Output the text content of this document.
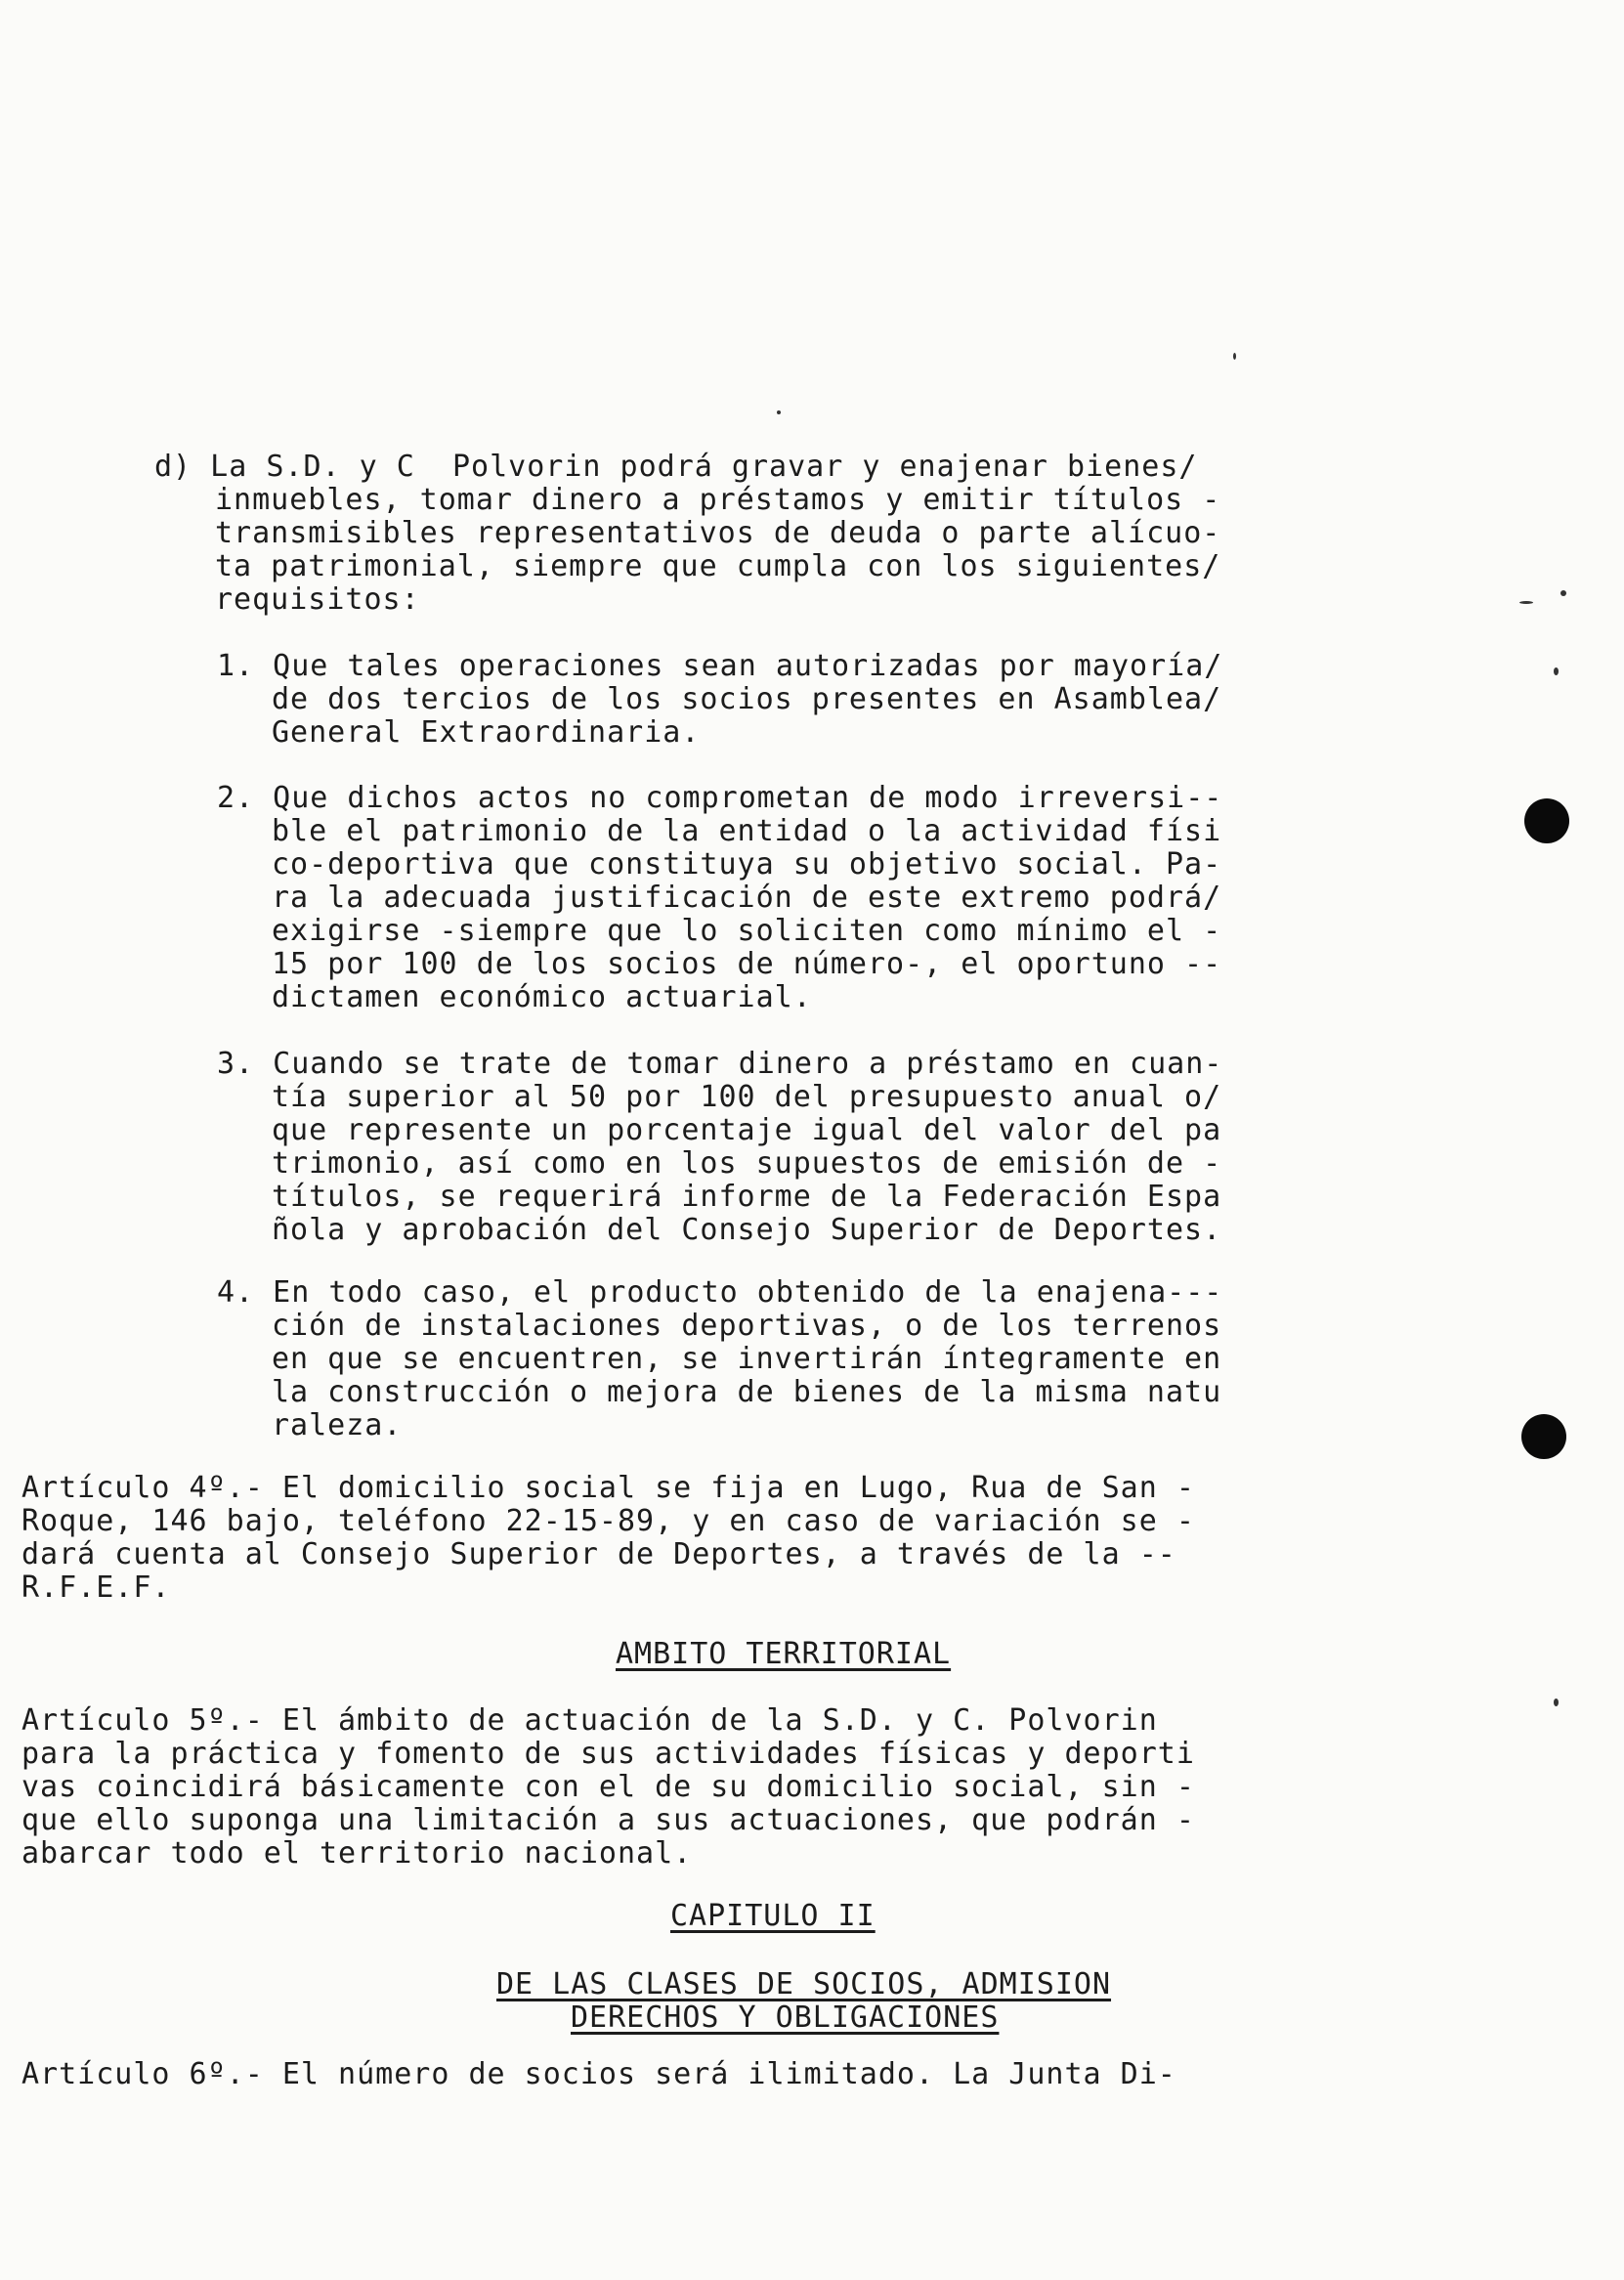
d) La S.D. y C  Polvorin podrá gravar y enajenar bienes/
inmuebles, tomar dinero a préstamos y emitir títulos -
transmisibles representativos de deuda o parte alícuo-
ta patrimonial, siempre que cumpla con los siguientes/
requisitos:
1. Que tales operaciones sean autorizadas por mayoría/
de dos tercios de los socios presentes en Asamblea/
General Extraordinaria.
2. Que dichos actos no comprometan de modo irreversi--
ble el patrimonio de la entidad o la actividad físi
co-deportiva que constituya su objetivo social. Pa-
ra la adecuada justificación de este extremo podrá/
exigirse -siempre que lo soliciten como mínimo el -
15 por 100 de los socios de número-, el oportuno --
dictamen económico actuarial.
3. Cuando se trate de tomar dinero a préstamo en cuan-
tía superior al 50 por 100 del presupuesto anual o/
que represente un porcentaje igual del valor del pa
trimonio, así como en los supuestos de emisión de -
títulos, se requerirá informe de la Federación Espa
ñola y aprobación del Consejo Superior de Deportes.
4. En todo caso, el producto obtenido de la enajena---
ción de instalaciones deportivas, o de los terrenos
en que se encuentren, se invertirán íntegramente en
la construcción o mejora de bienes de la misma natu
raleza.
Artículo 4º.- El domicilio social se fija en Lugo, Rua de San -
Roque, 146 bajo, teléfono 22-15-89, y en caso de variación se -
dará cuenta al Consejo Superior de Deportes, a través de la --
R.F.E.F.
AMBITO TERRITORIAL
Artículo 5º.- El ámbito de actuación de la S.D. y C. Polvorin
para la práctica y fomento de sus actividades físicas y deporti
vas coincidirá básicamente con el de su domicilio social, sin -
que ello suponga una limitación a sus actuaciones, que podrán -
abarcar todo el territorio nacional.
CAPITULO II
DE LAS CLASES DE SOCIOS, ADMISION
DERECHOS Y OBLIGACIONES
Artículo 6º.- El número de socios será ilimitado. La Junta Di-
